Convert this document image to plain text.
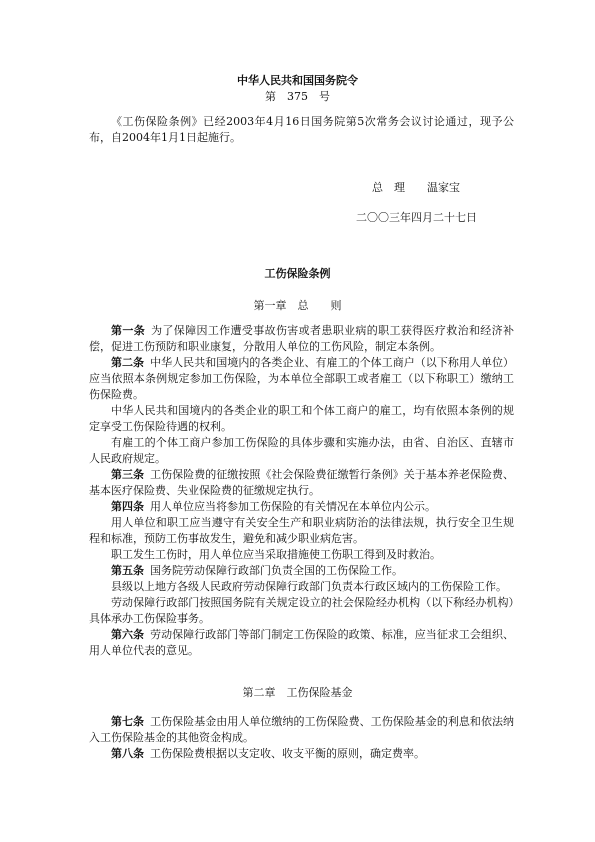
中华人民共和国国务院令
第　375　号

《工伤保险条例》已经2003年4月16日国务院第5次常务会议讨论通过，现予公布，自2004年1月1日起施行。

总　理　　温家宝
二〇〇三年四月二十七日
工伤保险条例
第一章　总　　则

第一条 为了保障因工作遭受事故伤害或者患职业病的职工获得医疗救治和经济补偿，促进工伤预防和职业康复，分散用人单位的工伤风险，制定本条例。

第二条 中华人民共和国境内的各类企业、有雇工的个体工商户（以下称用人单位）应当依照本条例规定参加工伤保险，为本单位全部职工或者雇工（以下称职工）缴纳工伤保险费。

中华人民共和国境内的各类企业的职工和个体工商户的雇工，均有依照本条例的规定享受工伤保险待遇的权利。

有雇工的个体工商户参加工伤保险的具体步骤和实施办法，由省、自治区、直辖市人民政府规定。

第三条 工伤保险费的征缴按照《社会保险费征缴暂行条例》关于基本养老保险费、基本医疗保险费、失业保险费的征缴规定执行。

第四条 用人单位应当将参加工伤保险的有关情况在本单位内公示。

用人单位和职工应当遵守有关安全生产和职业病防治的法律法规，执行安全卫生规程和标准，预防工伤事故发生，避免和减少职业病危害。

职工发生工伤时，用人单位应当采取措施使工伤职工得到及时救治。

第五条 国务院劳动保障行政部门负责全国的工伤保险工作。

县级以上地方各级人民政府劳动保障行政部门负责本行政区域内的工伤保险工作。

劳动保障行政部门按照国务院有关规定设立的社会保险经办机构（以下称经办机构）具体承办工伤保险事务。

第六条 劳动保障行政部门等部门制定工伤保险的政策、标准，应当征求工会组织、用人单位代表的意见。

第二章　工伤保险基金

第七条 工伤保险基金由用人单位缴纳的工伤保险费、工伤保险基金的利息和依法纳入工伤保险基金的其他资金构成。

第八条 工伤保险费根据以支定收、收支平衡的原则，确定费率。
